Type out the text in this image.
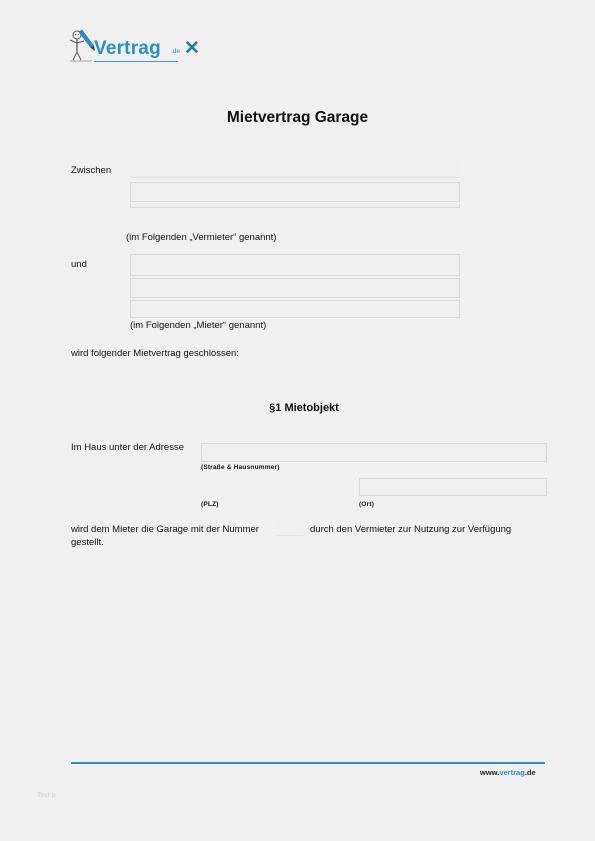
Vertrag .de ✕
Mietvertrag Garage
Zwischen
(im Folgenden „Vermieter“ genannt)
und
(im Folgenden „Mieter“ genannt)
wird folgender Mietvertrag geschlossen:
§1 Mietobjekt
Im Haus unter der Adresse
(Straße & Hausnummer)
(PLZ)	(Ort)
wird dem Mieter die Garage mit der Nummer	durch den Vermieter zur Nutzung zur Verfügung
gestellt.
www.vertrag.de
Text p
